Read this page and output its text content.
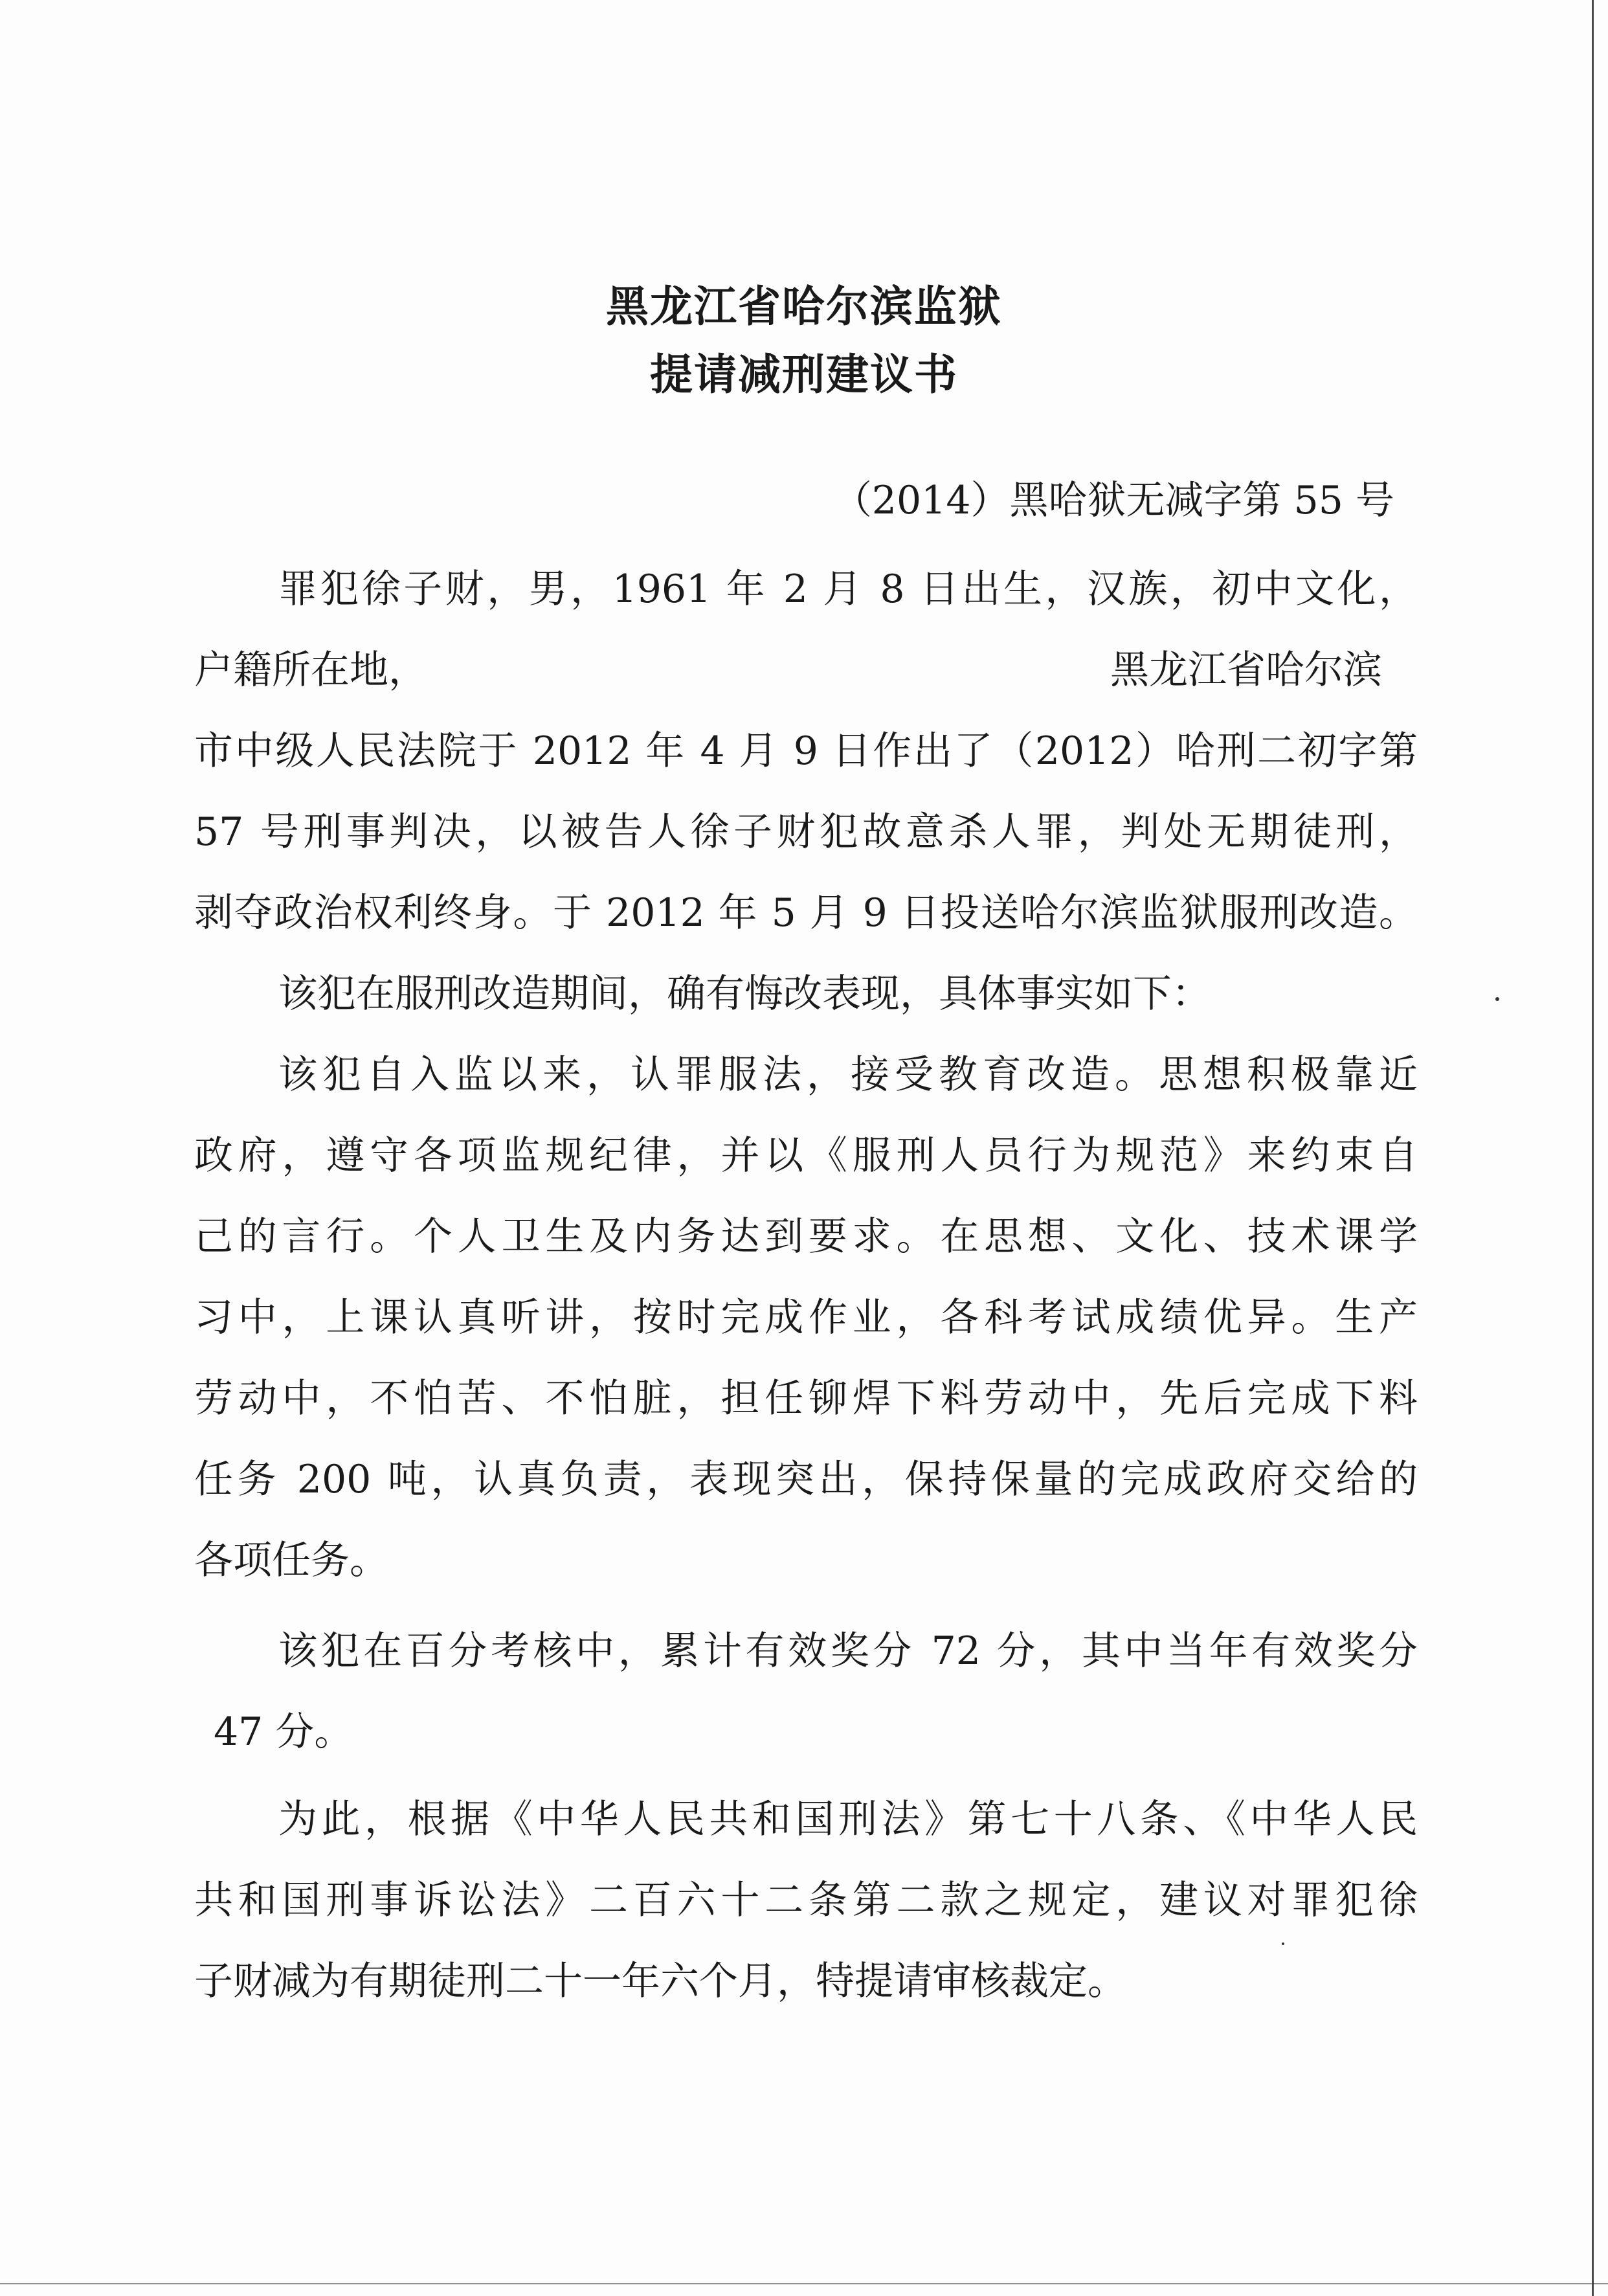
黑龙江省哈尔滨监狱
提请减刑建议书
（2014）黑哈狱无减字第 55 号
罪犯徐子财，男，1961 年 2 月 8 日出生，汉族，初中文化，
户籍所在地，	黑龙江省哈尔滨
市中级人民法院于 2012 年 4 月 9 日作出了（2012）哈刑二初字第
57 号刑事判决，以被告人徐子财犯故意杀人罪，判处无期徒刑，
剥夺政治权利终身。于 2012 年 5 月 9 日投送哈尔滨监狱服刑改造。
该犯在服刑改造期间，确有悔改表现，具体事实如下：
该犯自入监以来，认罪服法，接受教育改造。思想积极靠近
政府，遵守各项监规纪律，并以《服刑人员行为规范》来约束自
己的言行。个人卫生及内务达到要求。在思想、文化、技术课学
习中，上课认真听讲，按时完成作业，各科考试成绩优异。生产
劳动中，不怕苦、不怕脏，担任铆焊下料劳动中，先后完成下料
任务 200 吨，认真负责，表现突出，保持保量的完成政府交给的
各项任务。
该犯在百分考核中，累计有效奖分 72 分，其中当年有效奖分
47 分。
为此，根据《中华人民共和国刑法》第七十八条、《中华人民
共和国刑事诉讼法》二百六十二条第二款之规定，建议对罪犯徐
子财减为有期徒刑二十一年六个月，特提请审核裁定。
